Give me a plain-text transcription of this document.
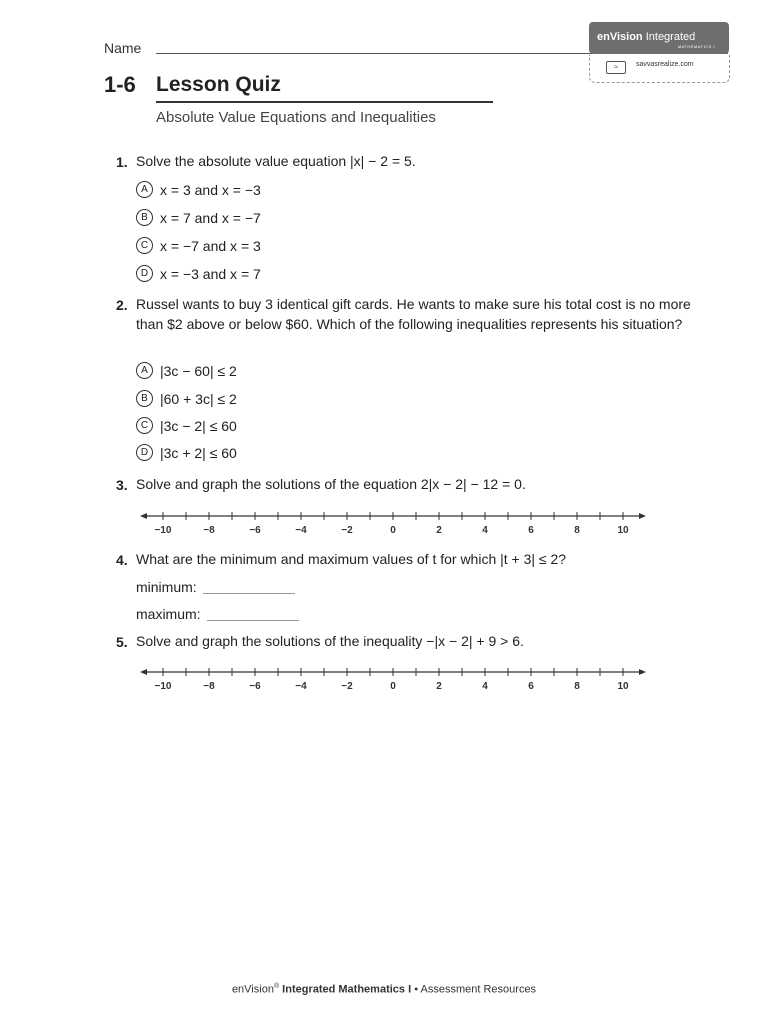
Name
enVision Integrated
MATHEMATICS I
≈	savvasrealize.com
1-6 Lesson Quiz
Absolute Value Equations and Inequalities
1. Solve the absolute value equation |x| − 2 = 5.
A x = 3 and x = −3
B x = 7 and x = −7
C x = −7 and x = 3
D x = −3 and x = 7
2. Russel wants to buy 3 identical gift cards. He wants to make sure his total cost is no more than $2 above or below $60. Which of the following inequalities represents his situation?
A |3c − 60| ≤ 2
B |60 + 3c| ≤ 2
C |3c − 2| ≤ 60
D |3c + 2| ≤ 60
3. Solve and graph the solutions of the equation 2|x − 2| − 12 = 0.
−10	−8	−6	−4	−2	0	2	4	6	8	10
4. What are the minimum and maximum values of t for which |t + 3| ≤ 2?
minimum:
maximum:
5. Solve and graph the solutions of the inequality −|x − 2| + 9 > 6.
−10	−8	−6	−4	−2	0	2	4	6	8	10
enVision® Integrated Mathematics I • Assessment Resources
